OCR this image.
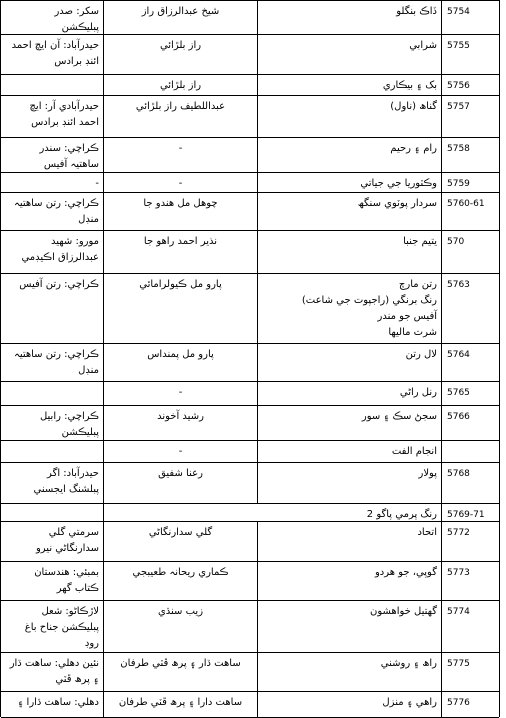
5754
ڏاڪ بنگلو
شيخ عبدالرزاق راز
سکر: صدر
پبليڪشن
5755
شرابي
راز بلڙائي
حيدرآباد: آن ايچ احمد
ائنڊ برادس
5756
بک ۽ بيڪاري
راز بلڙائي
5757
گناھ (ناول)
عبداللطيف راز بلڙائي
حيدرآبادي آر: ايچ
احمد ائنڊ برادس
5758
رام ۽ رحيم
-
ڪراچي: سندر
ساھتيہ آفيس
5759
وڪٽوريا جي جياتي
-
-
5760-61
سردار پوٽوي سنگھ
چوھل مل ھندو جا
ڪراچي: رتن ساھتيہ
منڊل
570
يتيم جنبا
نذير احمد راھو جا
مورو: شھيد
عبدالرزاق اڪيڊمي
5763
رتن مارچ
رنگ برنگي (راجپوت جي شاعت)
آفيس جو مندر
شرت ماليھا
پارو مل ڪيولرامائي
ڪراچي: رتن آفيس
5764
لال رتن
پارو مل پمنداس
ڪراچي: رتن ساھتيہ
منڊل
5765
رنل راڻي
-
5766
سجڻ سڪ ۽ سور
رشيد آخوند
ڪراچي: رابيل
پبليڪشن
انجام الفت
-
5768
پولار
رعنا شفيق
حيدرآباد: اگر
پبلشنگ ايجسني
5769-71
رنگ پرمي پاگو 2
5772
اتحاد
گلي سدارنگاڻي
سرمتي گلي
سدارنگاڻي نيرو
5773
گوپي، جو ھردو
ڪماري ريحانہ طعيبجي
بمبئي: ھندستان
ڪتاب گھر
5774
گھتيل خواھشون
زيب سنڌي
لاڙڪاڻو: شعل
پبليڪشن جناح باغ
روڊ
5775
راھ ۽ روشني
ساھت ڌار ۽ پرھ ڦٽي طرفان
نئين دھلي: ساھت ڌار
۽ پرھ ڦٽي
5776
راھي ۽ منزل
ساھت دارا ۽ پرھ ڦٽي طرفان
دھلي: ساھت ڌارا ۽
